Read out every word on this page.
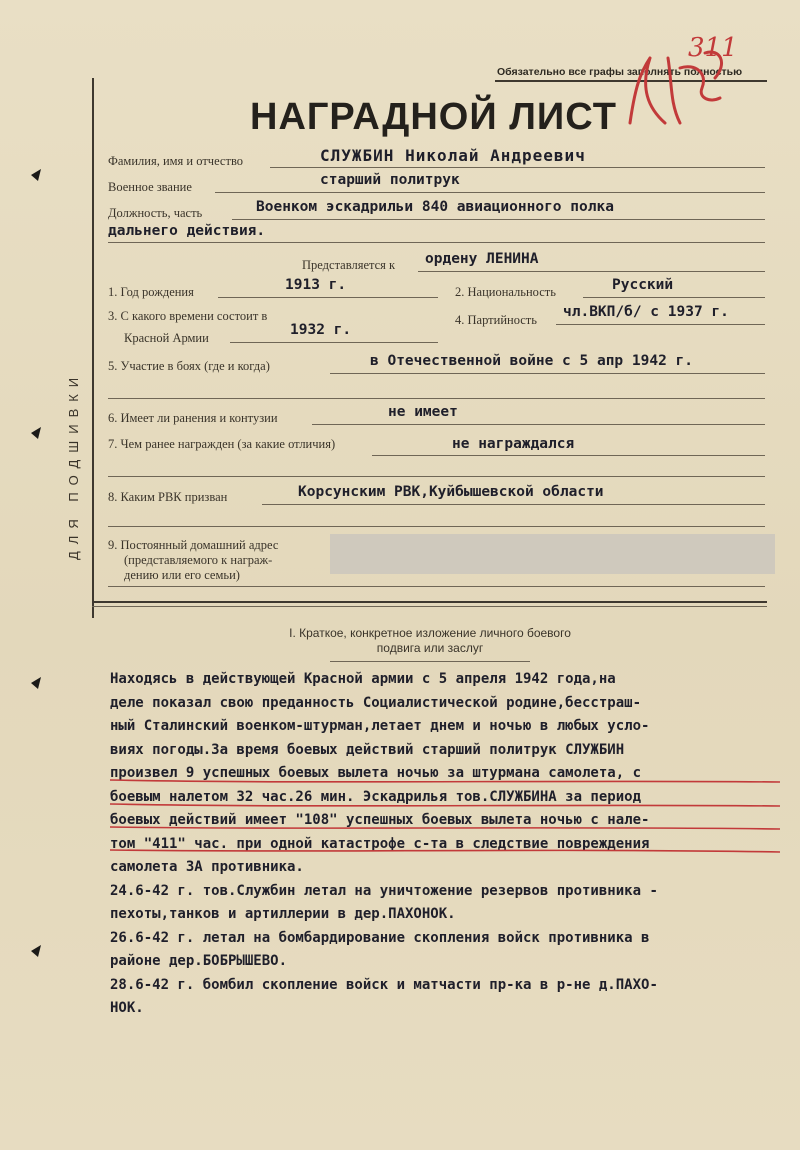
ДЛЯ ПОДШИВКИ
Обязательно все графы заполнять полностью
НАГРАДНОЙ ЛИСТ
311
Фамилия, имя и отчество	СЛУЖБИН Николай Андреевич
Военное звание	старший политрук
Должность, часть	Военком эскадрильи 840 авиационного полка
дальнего действия.
Представляется к ордену ЛЕНИНА
1. Год рождения	1913 г.	2. Национальность	Русский
3. С какого времени состоит в
Красной Армии	1932 г.
4. Партийность чл.ВКП/б/ с 1937 г.
5. Участие в боях (где и когда)	в Отечественной войне с 5 апр 1942 г.
6. Имеет ли ранения и контузии	не имеет
7. Чем ранее награжден (за какие отличия)	не награждался
8. Каким РВК призван	Корсунским РВК,Куйбышевской области
9. Постоянный домашний адрес
(представляемого к награж-
дению или его семьи)
I. Краткое, конкретное изложение личного боевого
подвига или заслуг
Находясь в действующей Красной армии с 5 апреля 1942 года,на
деле показал свою преданность Социалистической родине,бесстраш-
ный Сталинский военком-штурман,летает днем и ночью в любых усло-
виях погоды.За время боевых действий старший политрук СЛУЖБИН
произвел 9 успешных боевых вылета ночью за штурмана самолета, с
боевым налетом 32 час.26 мин. Эскадрилья тов.СЛУЖБИНА за период
боевых действий имеет "108" успешных боевых вылета ночью с нале-
том "411" час. при одной катастрофе с-та в следствие повреждения
самолета ЗА противника.
24.6-42 г. тов.Службин летал на уничтожение резервов противника -
пехоты,танков и артиллерии в дер.ПАХОНОК.
26.6-42 г. летал на бомбардирование скопления войск противника в
районе дер.БОБРЫШЕВО.
28.6-42 г. бомбил скопление войск и матчасти пр-ка в р-не д.ПАХО-
НОК.
